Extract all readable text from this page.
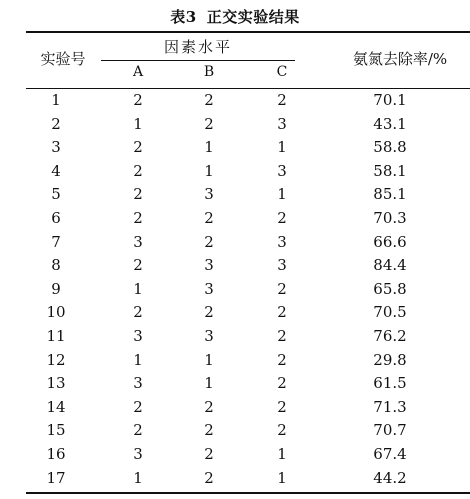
表3 正交实验结果
实验号
因素水平
氨氮去除率/%
A	B	C
1	2	2	2	70.1
2	1	2	3	43.1
3	2	1	1	58.8
4	2	1	3	58.1
5	2	3	1	85.1
6	2	2	2	70.3
7	3	2	3	66.6
8	2	3	3	84.4
9	1	3	2	65.8
10	2	2	2	70.5
11	3	3	2	76.2
12	1	1	2	29.8
13	3	1	2	61.5
14	2	2	2	71.3
15	2	2	2	70.7
16	3	2	1	67.4
17	1	2	1	44.2
